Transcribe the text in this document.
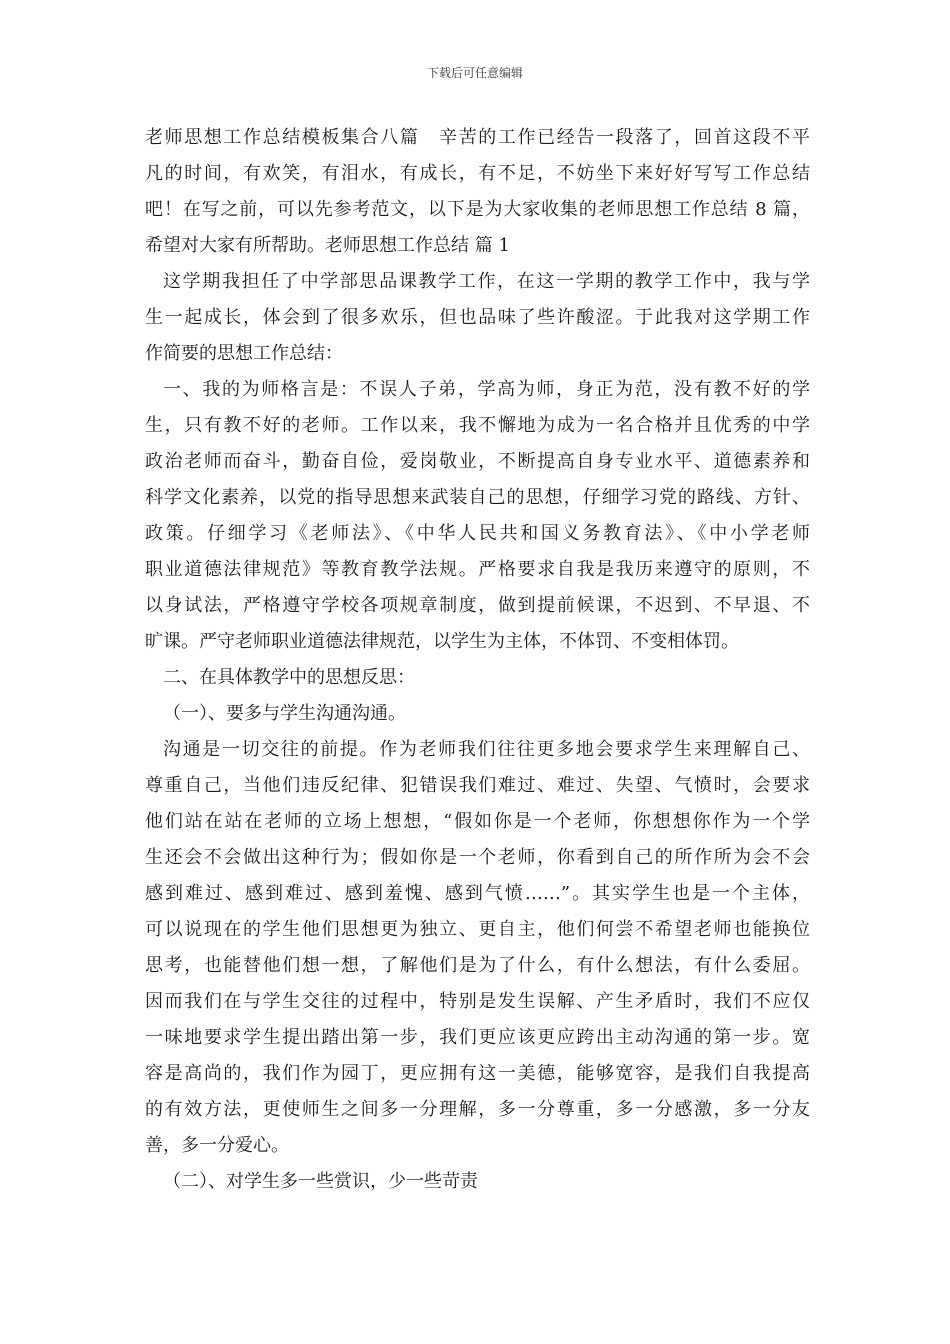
下载后可任意编辑
老师思想工作总结模板集合八篇　辛苦的工作已经告一段落了，回首这段不平
凡的时间，有欢笑，有泪水，有成长，有不足，不妨坐下来好好写写工作总结
吧！在写之前，可以先参考范文，以下是为大家收集的老师思想工作总结 8 篇，
希望对大家有所帮助。老师思想工作总结 篇 1
这学期我担任了中学部思品课教学工作，在这一学期的教学工作中，我与学
生一起成长，体会到了很多欢乐，但也品味了些许酸涩。于此我对这学期工作
作简要的思想工作总结：
一、我的为师格言是：不误人子弟，学高为师，身正为范，没有教不好的学
生，只有教不好的老师。工作以来，我不懈地为成为一名合格并且优秀的中学
政治老师而奋斗，勤奋自俭，爱岗敬业，不断提高自身专业水平、道德素养和
科学文化素养，以党的指导思想来武装自己的思想，仔细学习党的路线、方针、
政策。仔细学习《老师法》、《中华人民共和国义务教育法》、《中小学老师
职业道德法律规范》等教育教学法规。严格要求自我是我历来遵守的原则，不
以身试法，严格遵守学校各项规章制度，做到提前候课，不迟到、不早退、不
旷课。严守老师职业道德法律规范，以学生为主体，不体罚、不变相体罚。
二、在具体教学中的思想反思：
（一）、要多与学生沟通沟通。
沟通是一切交往的前提。作为老师我们往往更多地会要求学生来理解自己、
尊重自己，当他们违反纪律、犯错误我们难过、难过、失望、气愤时，会要求
他们站在站在老师的立场上想想，“假如你是一个老师，你想想你作为一个学
生还会不会做出这种行为；假如你是一个老师，你看到自己的所作所为会不会
感到难过、感到难过、感到羞愧、感到气愤……”。其实学生也是一个主体，
可以说现在的学生他们思想更为独立、更自主，他们何尝不希望老师也能换位
思考，也能替他们想一想，了解他们是为了什么，有什么想法，有什么委屈。
因而我们在与学生交往的过程中，特别是发生误解、产生矛盾时，我们不应仅
一味地要求学生提出踏出第一步，我们更应该更应跨出主动沟通的第一步。宽
容是高尚的，我们作为园丁，更应拥有这一美德，能够宽容，是我们自我提高
的有效方法，更使师生之间多一分理解，多一分尊重，多一分感激，多一分友
善，多一分爱心。
（二）、对学生多一些赏识，少一些苛责
